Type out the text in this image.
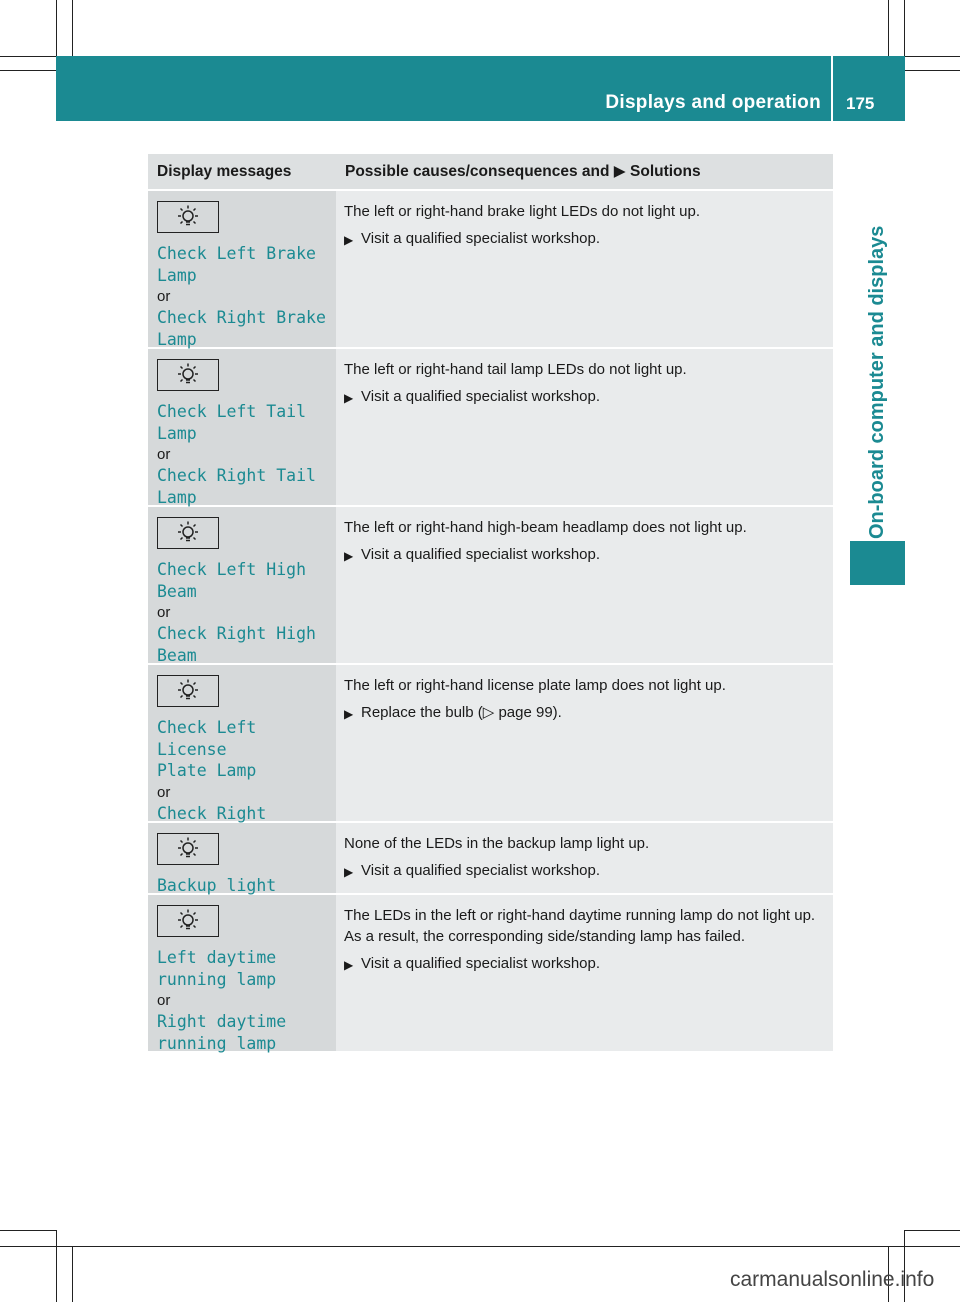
Displays and operation 175
On-board computer and displays
Display messages	Possible causes/consequences and ▶ Solutions
Check Left Brake
Lamp
or
Check Right Brake
Lamp
The left or right-hand brake light LEDs do not light up.
▶ Visit a qualified specialist workshop.
Check Left Tail
Lamp
or
Check Right Tail
Lamp
The left or right-hand tail lamp LEDs do not light up.
▶ Visit a qualified specialist workshop.
Check Left High
Beam
or
Check Right High
Beam
The left or right-hand high-beam headlamp does not light up.
▶ Visit a qualified specialist workshop.
Check Left License
Plate Lamp
or
Check Right

The left or right-hand license plate lamp does not light up.
▶ Replace the bulb (▷ page 99).
Backup light
None of the LEDs in the backup lamp light up.
▶ Visit a qualified specialist workshop.
Left daytime
running lamp
or
Right daytime
running lamp
The LEDs in the left or right-hand daytime running lamp do not light up. As a result, the corresponding side/standing lamp has failed.
▶ Visit a qualified specialist workshop.
carmanualsonline.info
